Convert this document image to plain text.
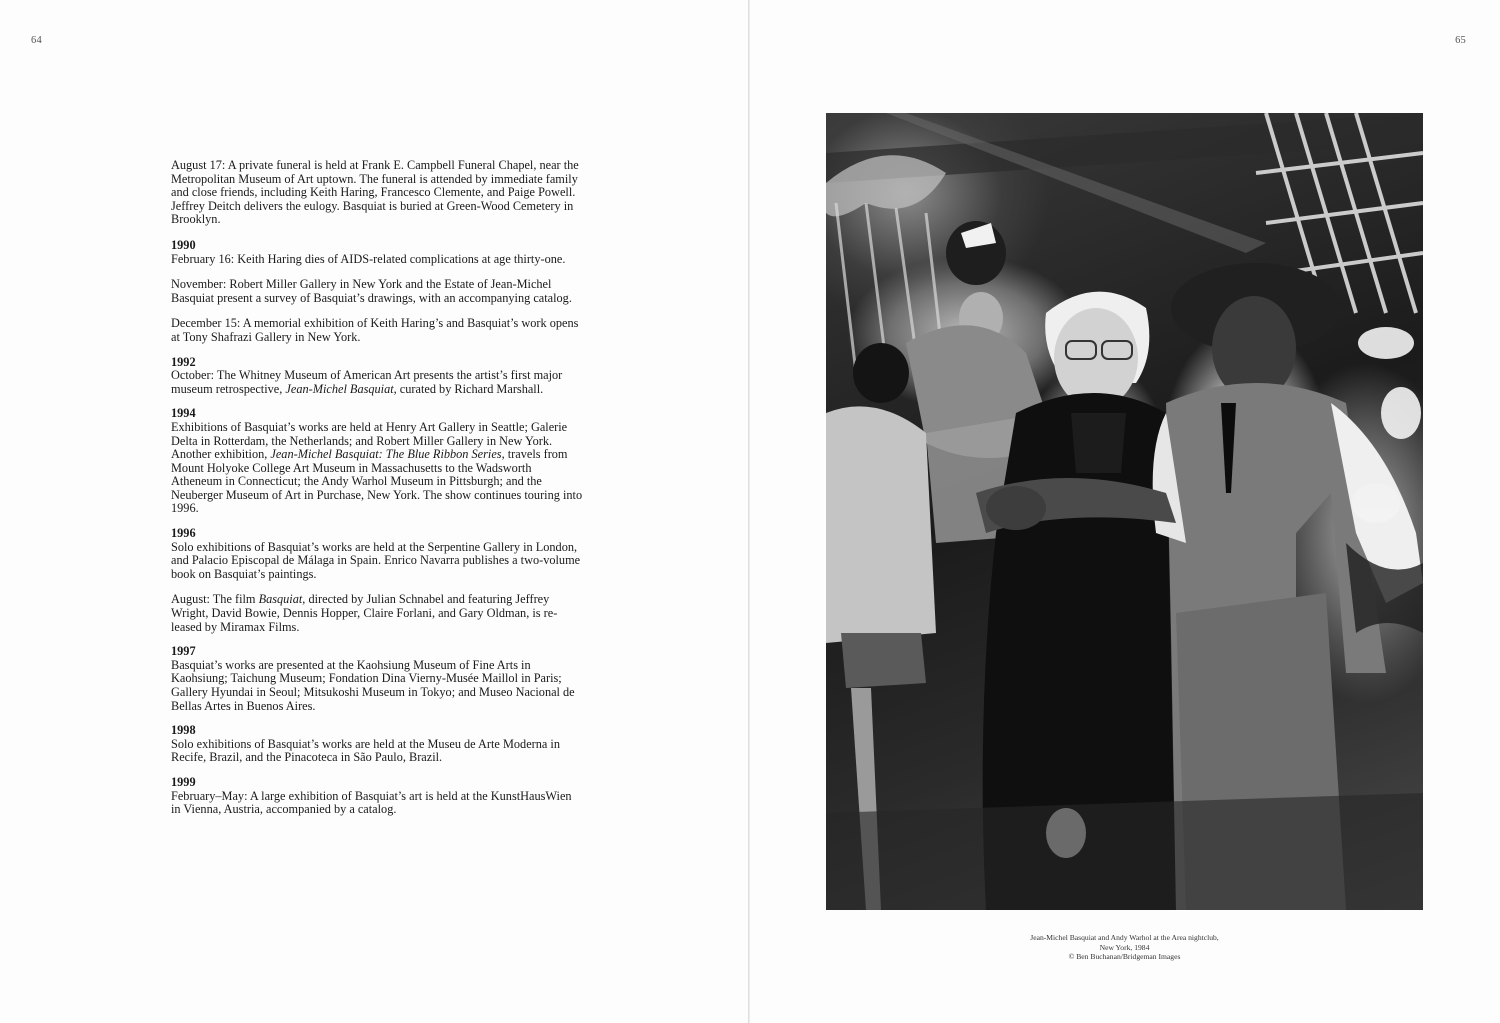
64

August 17: A private funeral is held at Frank E. Campbell Funeral Chapel, near the Metropolitan Museum of Art uptown. The funeral is attended by immediate family and close friends, including Keith Haring, Francesco Clemente, and Paige Powell. Jeffrey Deitch delivers the eulogy. Basquiat is buried at Green-Wood Cemetery in Brooklyn.

1990

February 16: Keith Haring dies of AIDS-related complications at age thirty-one.

November: Robert Miller Gallery in New York and the Estate of Jean-Michel Basquiat present a survey of Basquiat’s drawings, with an accompanying catalog.

December 15: A memorial exhibition of Keith Haring’s and Basquiat’s work opens at Tony Shafrazi Gallery in New York.

1992

October: The Whitney Museum of American Art presents the artist’s first major museum retrospective, Jean-Michel Basquiat, curated by Richard Marshall.

1994

Exhibitions of Basquiat’s works are held at Henry Art Gallery in Seattle; Galerie Delta in Rotterdam, the Netherlands; and Robert Miller Gallery in New York. Another exhibition, Jean-Michel Basquiat: The Blue Ribbon Series, travels from Mount Holyoke College Art Museum in Massachusetts to the Wadsworth Atheneum in Connecticut; the Andy Warhol Museum in Pittsburgh; and the Neuberger Museum of Art in Purchase, New York. The show continues touring into 1996.

1996

Solo exhibitions of Basquiat’s works are held at the Serpentine Gallery in London, and Palacio Episcopal de Málaga in Spain. Enrico Navarra publishes a two-volume book on Basquiat’s paintings.

August: The film Basquiat, directed by Julian Schnabel and featuring Jeffrey Wright, David Bowie, Dennis Hopper, Claire Forlani, and Gary Oldman, is released by Miramax Films.

1997

Basquiat’s works are presented at the Kaohsiung Museum of Fine Arts in Kaohsiung; Taichung Museum; Fondation Dina Vierny-Musée Maillol in Paris; Gallery Hyundai in Seoul; Mitsukoshi Museum in Tokyo; and Museo Nacional de Bellas Artes in Buenos Aires.

1998

Solo exhibitions of Basquiat’s works are held at the Museu de Arte Moderna in Recife, Brazil, and the Pinacoteca in São Paulo, Brazil.

1999

February–May: A large exhibition of Basquiat’s art is held at the KunstHausWien in Vienna, Austria, accompanied by a catalog.

65
Jean-Michel Basquiat and Andy Warhol at the Area nightclub,
New York, 1984
© Ben Buchanan/Bridgeman Images
